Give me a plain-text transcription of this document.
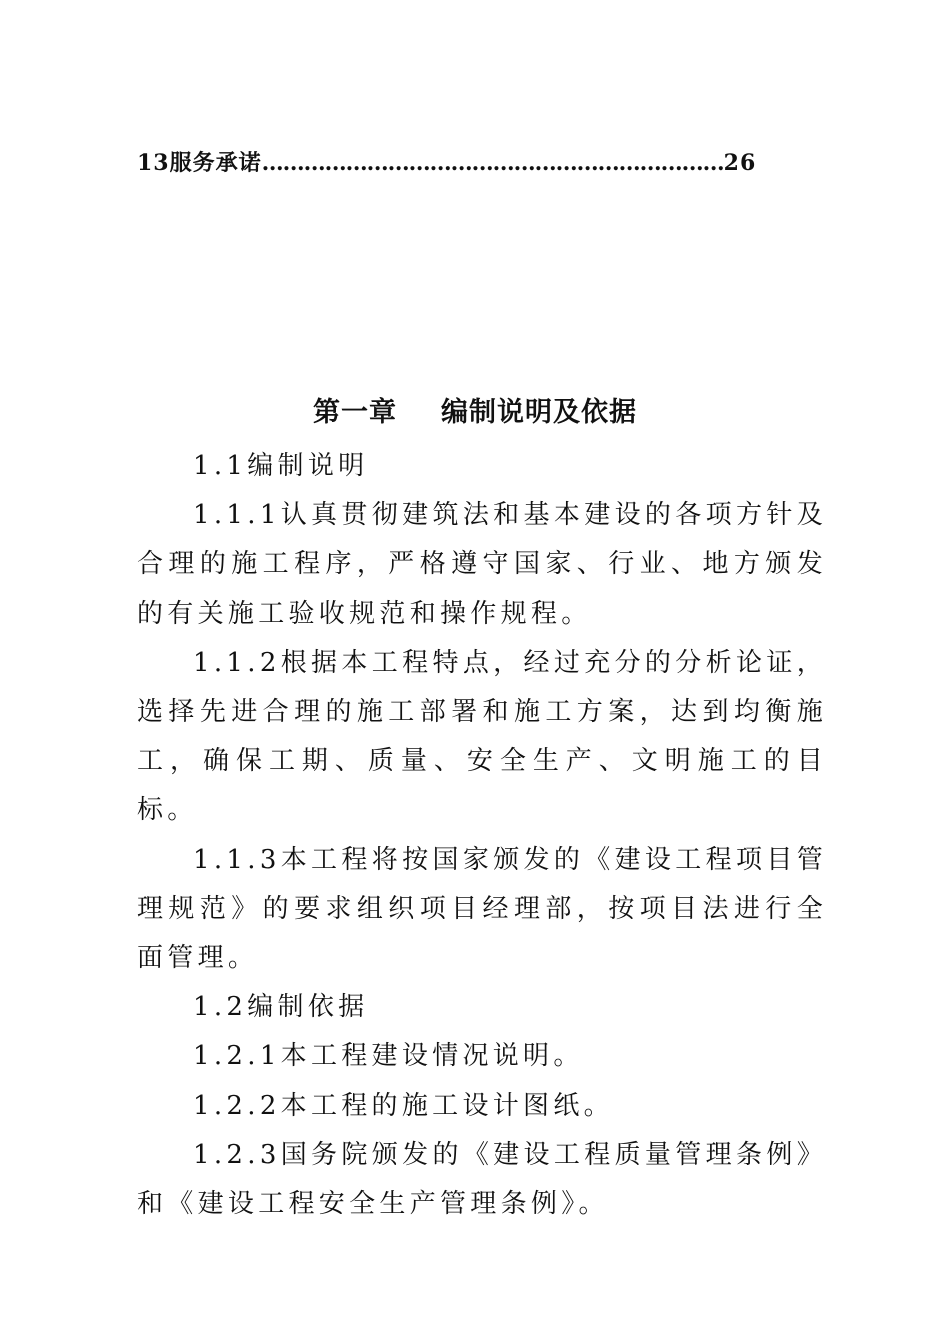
13 服务承诺 ………………………………………………………… 26
第一章 编制说明及依据

1.1编制说明

1.1.1认真贯彻建筑法和基本建设的各项方针及合理的施工程序，严格遵守国家、行业、地方颁发的有关施工验收规范和操作规程。

1.1.2根据本工程特点，经过充分的分析论证，选择先进合理的施工部署和施工方案，达到均衡施工，确保工期、质量、安全生产、文明施工的目标。

1.1.3本工程将按国家颁发的《建设工程项目管理规范》的要求组织项目经理部，按项目法进行全面管理。

1.2编制依据

1.2.1本工程建设情况说明。

1.2.2本工程的施工设计图纸。

1.2.3国务院颁发的《建设工程质量管理条例》和《建设工程安全生产管理条例》。
